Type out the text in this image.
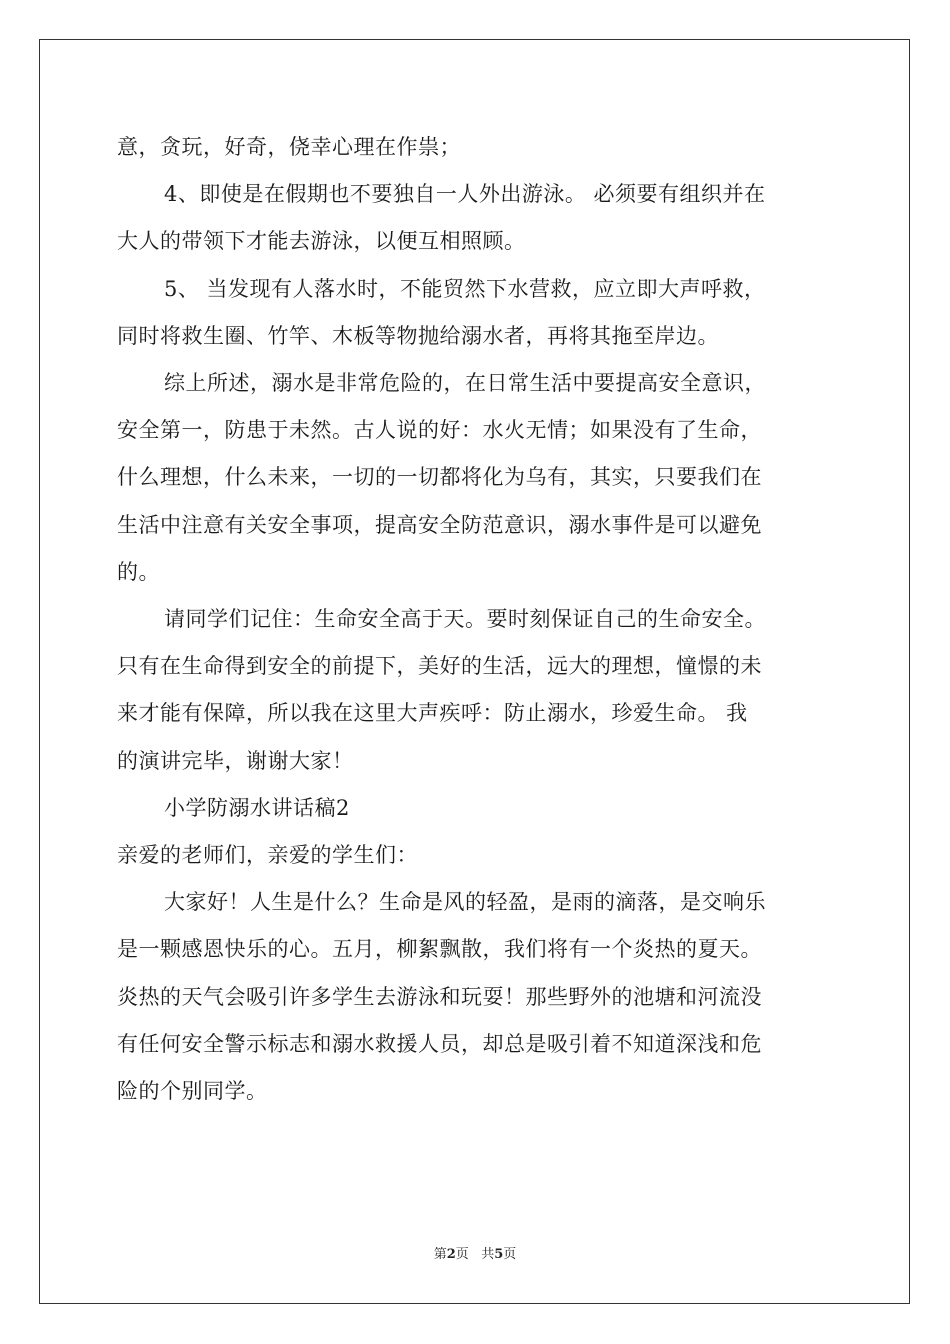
意，贪玩，好奇，侥幸心理在作祟；

4、即使是在假期也不要独自一人外出游泳。 必须要有组织并在
大人的带领下才能去游泳，以便互相照顾。

5、 当发现有人落水时，不能贸然下水营救，应立即大声呼救，
同时将救生圈、竹竿、木板等物抛给溺水者，再将其拖至岸边。

综上所述，溺水是非常危险的，在日常生活中要提高安全意识，
安全第一，防患于未然。古人说的好：水火无情；如果没有了生命，
什么理想，什么未来，一切的一切都将化为乌有，其实，只要我们在
生活中注意有关安全事项，提高安全防范意识，溺水事件是可以避免
的。

请同学们记住：生命安全高于天。要时刻保证自己的生命安全。
只有在生命得到安全的前提下，美好的生活，远大的理想，憧憬的未
来才能有保障，所以我在这里大声疾呼：防止溺水，珍爱生命。 我
的演讲完毕，谢谢大家！

小学防溺水讲话稿2

亲爱的老师们，亲爱的学生们：

大家好！人生是什么？生命是风的轻盈，是雨的滴落，是交响乐
是一颗感恩快乐的心。五月，柳絮飘散，我们将有一个炎热的夏天。
炎热的天气会吸引许多学生去游泳和玩耍！那些野外的池塘和河流没
有任何安全警示标志和溺水救援人员，却总是吸引着不知道深浅和危
险的个别同学。

第2页 共5页
